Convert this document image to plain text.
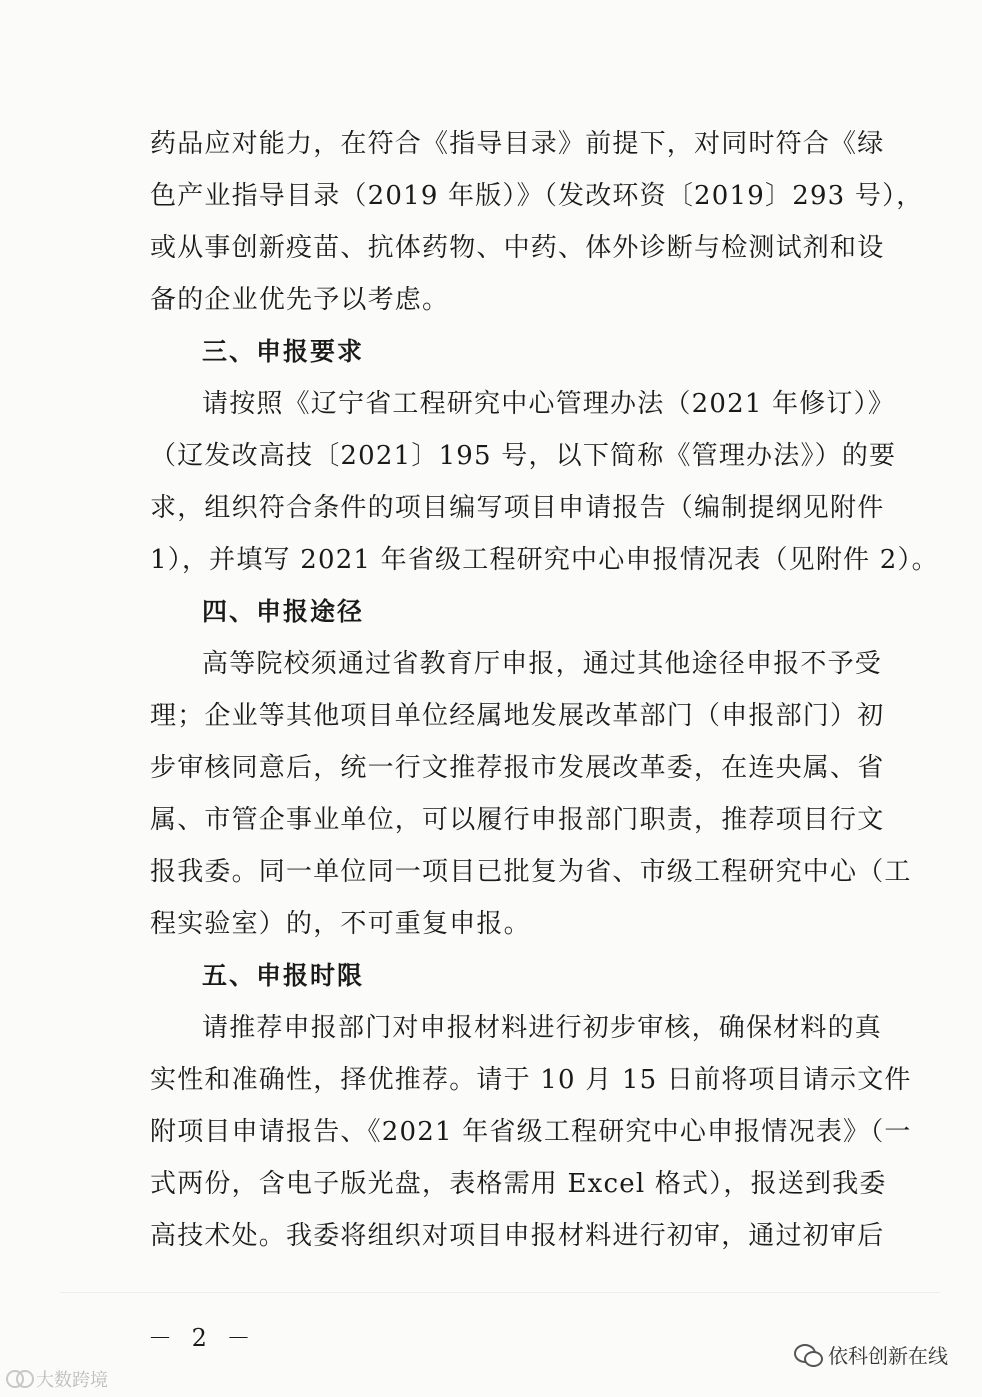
药品应对能力，在符合《指导目录》前提下，对同时符合《绿
色产业指导目录（2019 年版）》（发改环资〔2019〕293 号），
或从事创新疫苗、抗体药物、中药、体外诊断与检测试剂和设
备的企业优先予以考虑。

三、申报要求

请按照《辽宁省工程研究中心管理办法（2021 年修订）》
（辽发改高技〔2021〕195 号，以下简称《管理办法》）的要
求，组织符合条件的项目编写项目申请报告（编制提纲见附件
1），并填写 2021 年省级工程研究中心申报情况表（见附件 2）。

四、申报途径

高等院校须通过省教育厅申报，通过其他途径申报不予受
理；企业等其他项目单位经属地发展改革部门（申报部门）初
步审核同意后，统一行文推荐报市发展改革委，在连央属、省
属、市管企事业单位，可以履行申报部门职责，推荐项目行文
报我委。同一单位同一项目已批复为省、市级工程研究中心（工
程实验室）的，不可重复申报。

五、申报时限

请推荐申报部门对申报材料进行初步审核，确保材料的真
实性和准确性，择优推荐。请于 10 月 15 日前将项目请示文件
附项目申请报告、《2021 年省级工程研究中心申报情况表》（一
式两份，含电子版光盘，表格需用 Excel 格式），报送到我委
高技术处。我委将组织对项目申报材料进行初审，通过初审后

－ 2 －
依科创新在线
大数跨境
